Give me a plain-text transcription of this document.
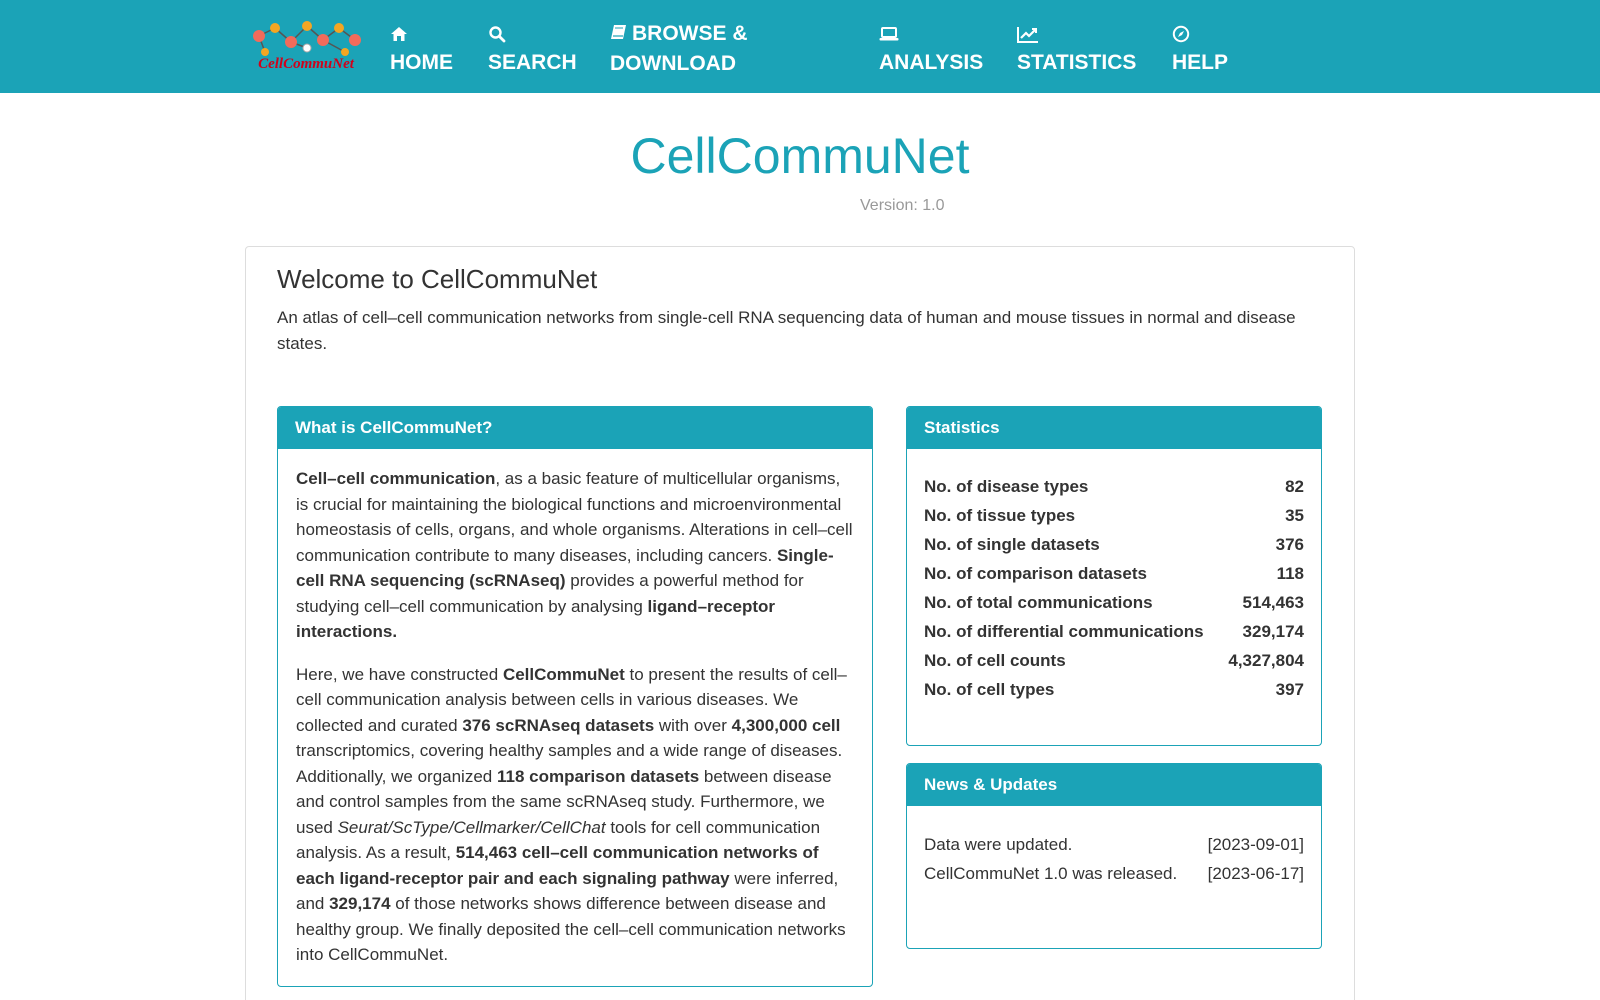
CellCommuNet HOME SEARCH
BROWSE &
DOWNLOAD	ANALYSIS STATISTICS HELP
CellCommuNet
Version: 1.0
Welcome to CellCommuNet
An atlas of cell–cell communication networks from single-cell RNA sequencing data of human and mouse tissues in normal and disease states.
What is CellCommuNet?

Cell–cell communication, as a basic feature of multicellular organisms, is crucial for maintaining the biological functions and microenvironmental homeostasis of cells, organs, and whole organisms. Alterations in cell–cell communication contribute to many diseases, including cancers. Single-cell RNA sequencing (scRNAseq) provides a powerful method for studying cell–cell communication by analysing ligand–receptor interactions.

Here, we have constructed CellCommuNet to present the results of cell–cell communication analysis between cells in various diseases. We collected and curated 376 scRNAseq datasets with over 4,300,000 cell transcriptomics, covering healthy samples and a wide range of diseases. Additionally, we organized 118 comparison datasets between disease and control samples from the same scRNAseq study. Furthermore, we used Seurat/ScType/Cellmarker/CellChat tools for cell communication analysis. As a result, 514,463 cell–cell communication networks of each ligand-receptor pair and each signaling pathway were inferred, and 329,174 of those networks shows difference between disease and healthy group. We finally deposited the cell–cell communication networks into CellCommuNet.

Statistics
No. of disease types	82
No. of tissue types	35
No. of single datasets	376
No. of comparison datasets	118
No. of total communications	514,463
No. of differential communications	329,174
No. of cell counts	4,327,804
No. of cell types	397
News & Updates
Data were updated.	[2023-09-01]
CellCommuNet 1.0 was released.	[2023-06-17]
